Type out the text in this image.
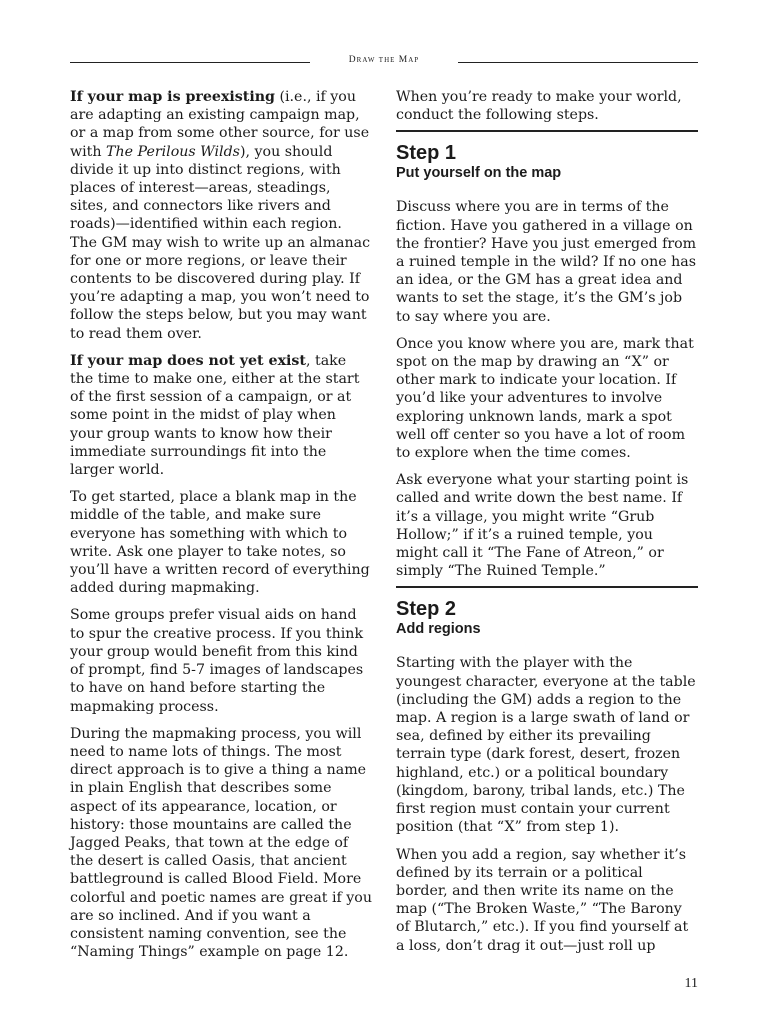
Draw the Map

If your map is preexisting (i.e., if you are adapting an existing campaign map, or a map from some other source, for use with The Perilous Wilds), you should divide it up into distinct regions, with places of interest—areas, steadings, sites, and connectors like rivers and roads)—identified within each region. The GM may wish to write up an almanac for one or more regions, or leave their contents to be discovered during play. If you’re adapting a map, you won’t need to follow the steps below, but you may want to read them over.

If your map does not yet exist, take the time to make one, either at the start of the first session of a campaign, or at some point in the midst of play when your group wants to know how their immediate surroundings fit into the larger world.

To get started, place a blank map in the middle of the table, and make sure everyone has something with which to write. Ask one player to take notes, so you’ll have a written record of everything added during mapmaking.

Some groups prefer visual aids on hand to spur the creative process. If you think your group would benefit from this kind of prompt, find 5-7 images of landscapes to have on hand before starting the mapmaking process.

During the mapmaking process, you will need to name lots of things. The most direct approach is to give a thing a name in plain English that describes some aspect of its appearance, location, or history: those mountains are called the Jagged Peaks, that town at the edge of the desert is called Oasis, that ancient battleground is called Blood Field. More colorful and poetic names are great if you are so inclined. And if you want a consistent naming convention, see the “Naming Things” example on page 12.

When you’re ready to make your world, conduct the following steps.

Step 1
Put yourself on the map

Discuss where you are in terms of the fiction. Have you gathered in a village on the frontier? Have you just emerged from a ruined temple in the wild? If no one has an idea, or the GM has a great idea and wants to set the stage, it’s the GM’s job to say where you are.

Once you know where you are, mark that spot on the map by drawing an “X” or other mark to indicate your location. If you’d like your adventures to involve exploring unknown lands, mark a spot well off center so you have a lot of room to explore when the time comes.

Ask everyone what your starting point is called and write down the best name. If it’s a village, you might write “Grub Hollow;” if it’s a ruined temple, you might call it “The Fane of Atreon,” or simply “The Ruined Temple.”

Step 2
Add regions

Starting with the player with the youngest character, everyone at the table (including the GM) adds a region to the map. A region is a large swath of land or sea, defined by either its prevailing terrain type (dark forest, desert, frozen highland, etc.) or a political boundary (kingdom, barony, tribal lands, etc.) The first region must contain your current position (that “X” from step 1).

When you add a region, say whether it’s defined by its terrain or a political border, and then write its name on the map (“The Broken Waste,” “The Barony of Blutarch,” etc.). If you find yourself at a loss, don’t drag it out—just roll up

11
